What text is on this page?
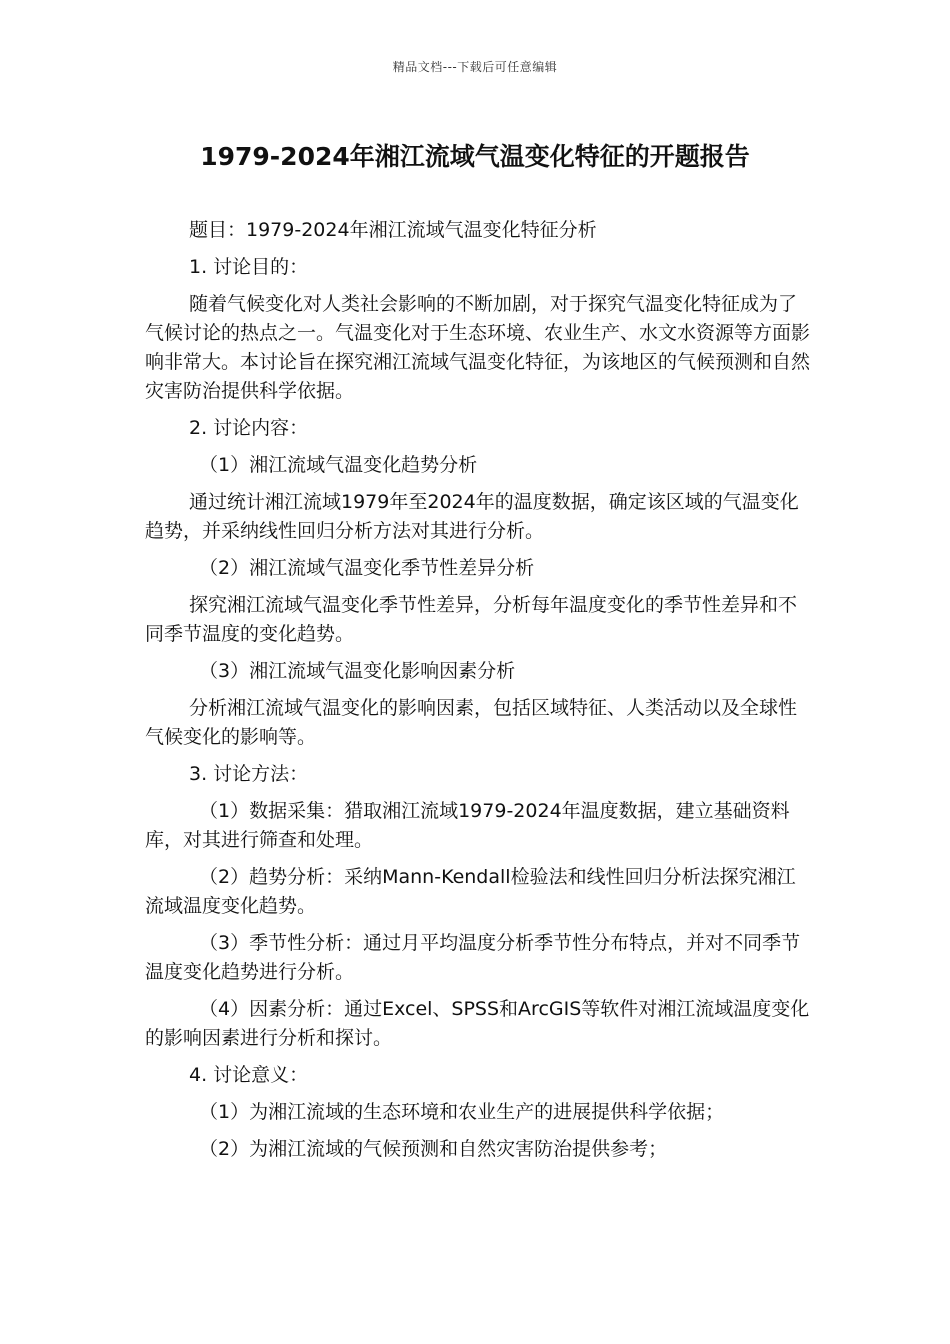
精品文档---下载后可任意编辑
1979-2024年湘江流域气温变化特征的开题报告

题目：1979-2024年湘江流域气温变化特征分析

1. 讨论目的：

随着气候变化对人类社会影响的不断加剧，对于探究气温变化特征成为了气候讨论的热点之一。气温变化对于生态环境、农业生产、水文水资源等方面影响非常大。本讨论旨在探究湘江流域气温变化特征，为该地区的气候预测和自然灾害防治提供科学依据。

2. 讨论内容：

（1）湘江流域气温变化趋势分析

通过统计湘江流域1979年至2024年的温度数据，确定该区域的气温变化趋势，并采纳线性回归分析方法对其进行分析。

（2）湘江流域气温变化季节性差异分析

探究湘江流域气温变化季节性差异，分析每年温度变化的季节性差异和不同季节温度的变化趋势。

（3）湘江流域气温变化影响因素分析

分析湘江流域气温变化的影响因素，包括区域特征、人类活动以及全球性气候变化的影响等。

3. 讨论方法：

（1）数据采集：猎取湘江流域1979-2024年温度数据，建立基础资料库，对其进行筛查和处理。

（2）趋势分析：采纳Mann-Kendall检验法和线性回归分析法探究湘江流域温度变化趋势。

（3）季节性分析：通过月平均温度分析季节性分布特点，并对不同季节温度变化趋势进行分析。

（4）因素分析：通过Excel、SPSS和ArcGIS等软件对湘江流域温度变化的影响因素进行分析和探讨。

4. 讨论意义：

（1）为湘江流域的生态环境和农业生产的进展提供科学依据；

（2）为湘江流域的气候预测和自然灾害防治提供参考；
